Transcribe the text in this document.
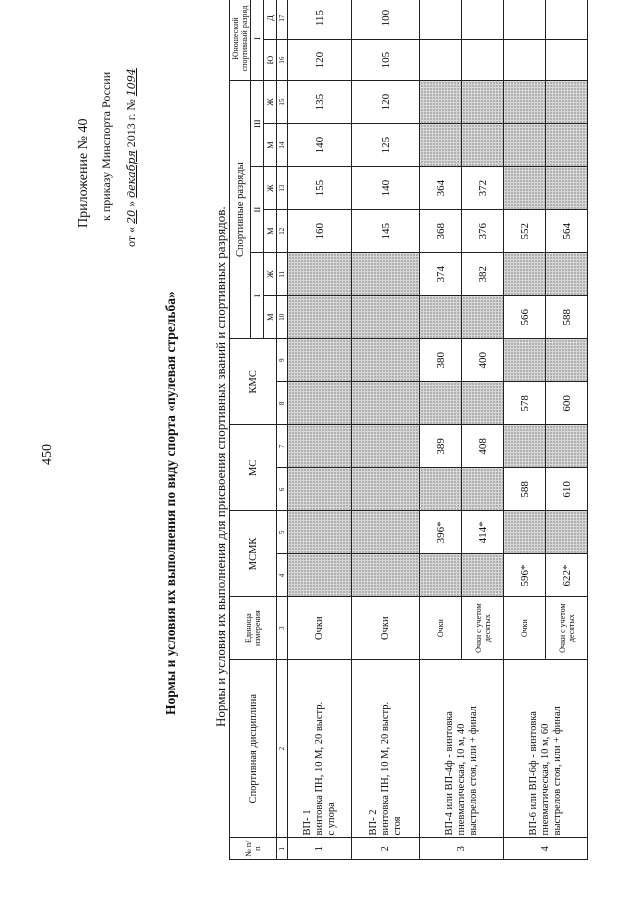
450
Приложение № 40 к приказу Минспорта России
от « 20 » декабря 2013 г. № 1094
Нормы и условия их выполнения по виду спорта «пулевая стрельба»	Нормы и условия их выполнения для присвоения спортивных званий и спортивных разрядов.
№ п/п	Спортивная дисциплина	Единица измерения	МСМК		МС		КМС		Спортивные разряды						Юношеский спортивный разряд	
									I		II		III		I	
									М	Ж	М	Ж	М	Ж	Ю	Д
1	2	3	4	5	6	7	8	9	10	11	12	13	14	15	16	17
1	ВП- 1 винтовка ПН, 10 М, 20 выстр. с упора	Очки									160	155	140	135	120	115
2	ВП- 2 винтовка ПН, 10 М, 20 выстр. стоя	Очки									145	140	125	120	105	100
3	ВП-4 или ВП-4ф - винтовка пневматическая, 10 м, 40 выстрелов стоя, или + финал	Очки		396*		389		380		374	368	364				
		Очки с учетом десятых		414*		408		400		382	376	372				
4	ВП-6 или ВП-6ф - винтовка пневматическая, 10 м, 60 выстрелов стоя, или + финал	Очки	596*		588		578		566		552					
		Очки с учетом десятых	622*		610		600		588		564					
